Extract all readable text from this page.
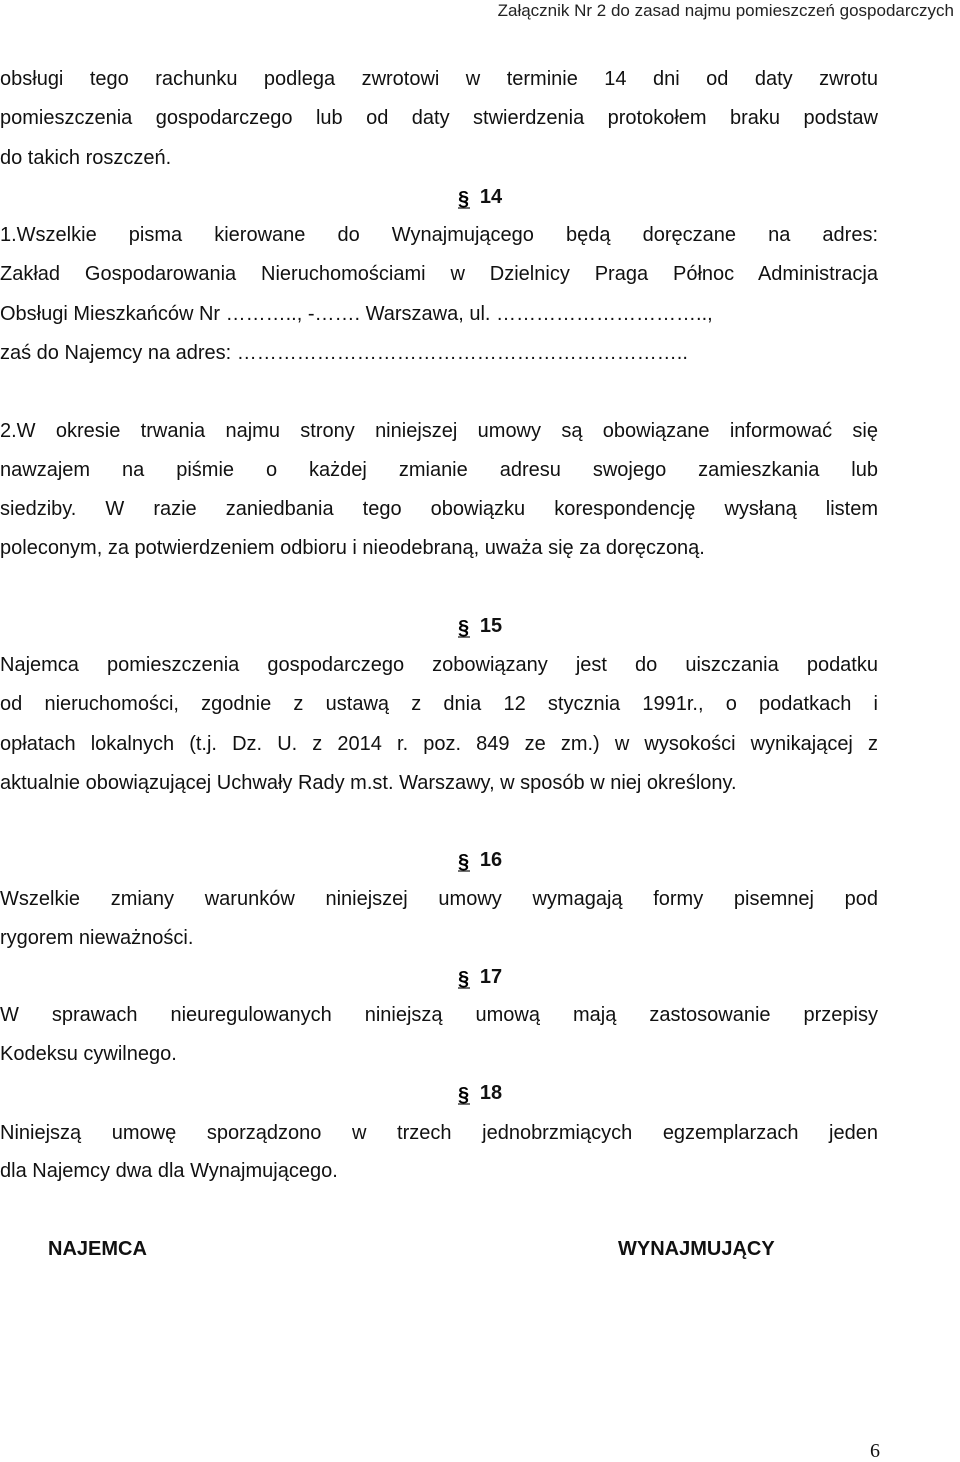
Załącznik Nr 2 do zasad najmu pomieszczeń gospodarczych
obsługi tego rachunku podlega zwrotowi w terminie 14 dni od daty zwrotu
pomieszczenia gospodarczego lub od daty stwierdzenia protokołem braku podstaw
do takich roszczeń.
§ 14
1.Wszelkie pisma kierowane do Wynajmującego będą doręczane na adres:
Zakład Gospodarowania Nieruchomościami w Dzielnicy Praga Północ Administracja
Obsługi Mieszkańców Nr ……….., -……. Warszawa, ul. …………………………..,
zaś do Najemcy na adres: …………………………………………………………..
2.W okresie trwania najmu strony niniejszej umowy są obowiązane informować się
nawzajem na piśmie o każdej zmianie adresu swojego zamieszkania lub
siedziby. W razie zaniedbania tego obowiązku korespondencję wysłaną listem
poleconym, za potwierdzeniem odbioru i nieodebraną, uważa się za doręczoną.
§ 15
Najemca pomieszczenia gospodarczego zobowiązany jest do uiszczania podatku
od nieruchomości, zgodnie z ustawą z dnia 12 stycznia 1991r., o podatkach i
opłatach lokalnych (t.j. Dz. U. z 2014 r. poz. 849 ze zm.) w wysokości wynikającej z
aktualnie obowiązującej Uchwały Rady m.st. Warszawy, w sposób w niej określony.
§ 16
Wszelkie zmiany warunków niniejszej umowy wymagają formy pisemnej pod
rygorem nieważności.
§ 17
W sprawach nieuregulowanych niniejszą umową mają zastosowanie przepisy
Kodeksu cywilnego.
§ 18
Niniejszą umowę sporządzono w trzech jednobrzmiących egzemplarzach jeden
dla Najemcy dwa dla Wynajmującego.
NAJEMCA	WYNAJMUJĄCY
6
